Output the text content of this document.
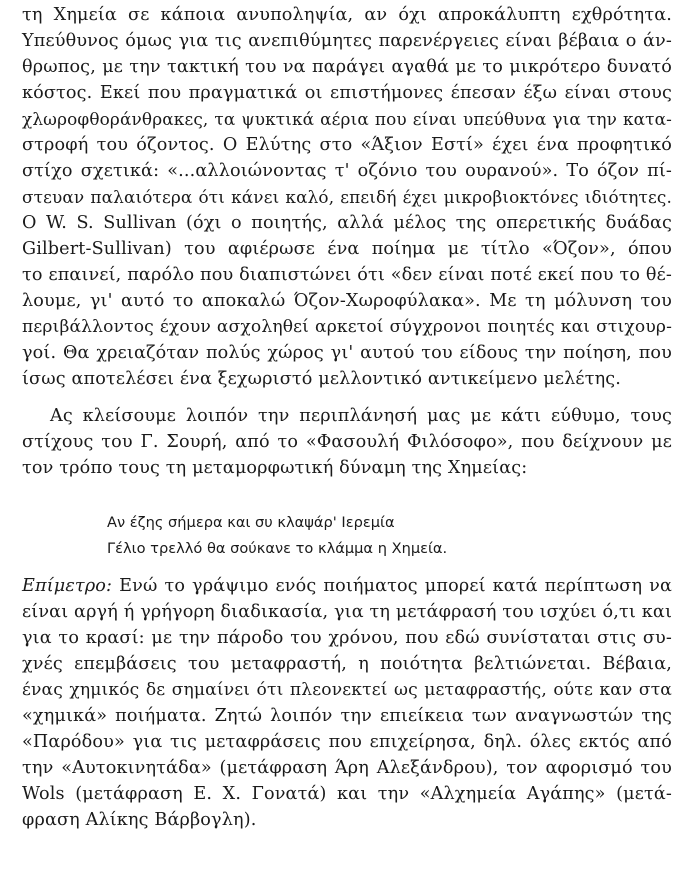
τη Χημεία σε κάποια ανυποληψία, αν όχι απροκάλυπτη εχθρότητα.
Υπεύθυνος όμως για τις ανεπιθύμητες παρενέργειες είναι βέβαια ο άν-
θρωπος, με την τακτική του να παράγει αγαθά με το μικρότερο δυνατό
κόστος. Εκεί που πραγματικά οι επιστήμονες έπεσαν έξω είναι στους
χλωροφθοράνθρακες, τα ψυκτικά αέρια που είναι υπεύθυνα για την κατα-
στροφή του όζοντος. Ο Ελύτης στο «Άξιον Εστί» έχει ένα προφητικό
στίχο σχετικά: «...αλλοιώνοντας τ' οζόνιο του ουρανού». Το όζον πί-
στευαν παλαιότερα ότι κάνει καλό, επειδή έχει μικροβιοκτόνες ιδιότητες.
Ο W. S. Sullivan (όχι ο ποιητής, αλλά μέλος της οπερετικής δυάδας
Gilbert-Sullivan) του αφιέρωσε ένα ποίημα με τίτλο «Όζον», όπου
το επαινεί, παρόλο που διαπιστώνει ότι «δεν είναι ποτέ εκεί που το θέ-
λουμε, γι' αυτό το αποκαλώ Όζον-Χωροφύλακα». Με τη μόλυνση του
περιβάλλοντος έχουν ασχοληθεί αρκετοί σύγχρονοι ποιητές και στιχουρ-
γοί. Θα χρειαζόταν πολύς χώρος γι' αυτού του είδους την ποίηση, που
ίσως αποτελέσει ένα ξεχωριστό μελλοντικό αντικείμενο μελέτης.
Ας κλείσουμε λοιπόν την περιπλάνησή μας με κάτι εύθυμο, τους
στίχους του Γ. Σουρή, από το «Φασουλή Φιλόσοφο», που δείχνουν με
τον τρόπο τους τη μεταμορφωτική δύναμη της Χημείας:
Αν έζης σήμερα και συ κλαψάρ' Ιερεμία
Γέλιο τρελλό θα σούκανε το κλάμμα η Χημεία.
Επίμετρο: Ενώ το γράψιμο ενός ποιήματος μπορεί κατά περίπτωση να
είναι αργή ή γρήγορη διαδικασία, για τη μετάφρασή του ισχύει ό,τι και
για το κρασί: με την πάροδο του χρόνου, που εδώ συνίσταται στις συ-
χνές επεμβάσεις του μεταφραστή, η ποιότητα βελτιώνεται. Βέβαια,
ένας χημικός δε σημαίνει ότι πλεονεκτεί ως μεταφραστής, ούτε καν στα
«χημικά» ποιήματα. Ζητώ λοιπόν την επιείκεια των αναγνωστών της
«Παρόδου» για τις μεταφράσεις που επιχείρησα, δηλ. όλες εκτός από
την «Αυτοκινητάδα» (μετάφραση Άρη Αλεξάνδρου), τον αφορισμό του
Wols (μετάφραση Ε. Χ. Γονατά) και την «Αλχημεία Αγάπης» (μετά-
φραση Αλίκης Βάρβογλη).
